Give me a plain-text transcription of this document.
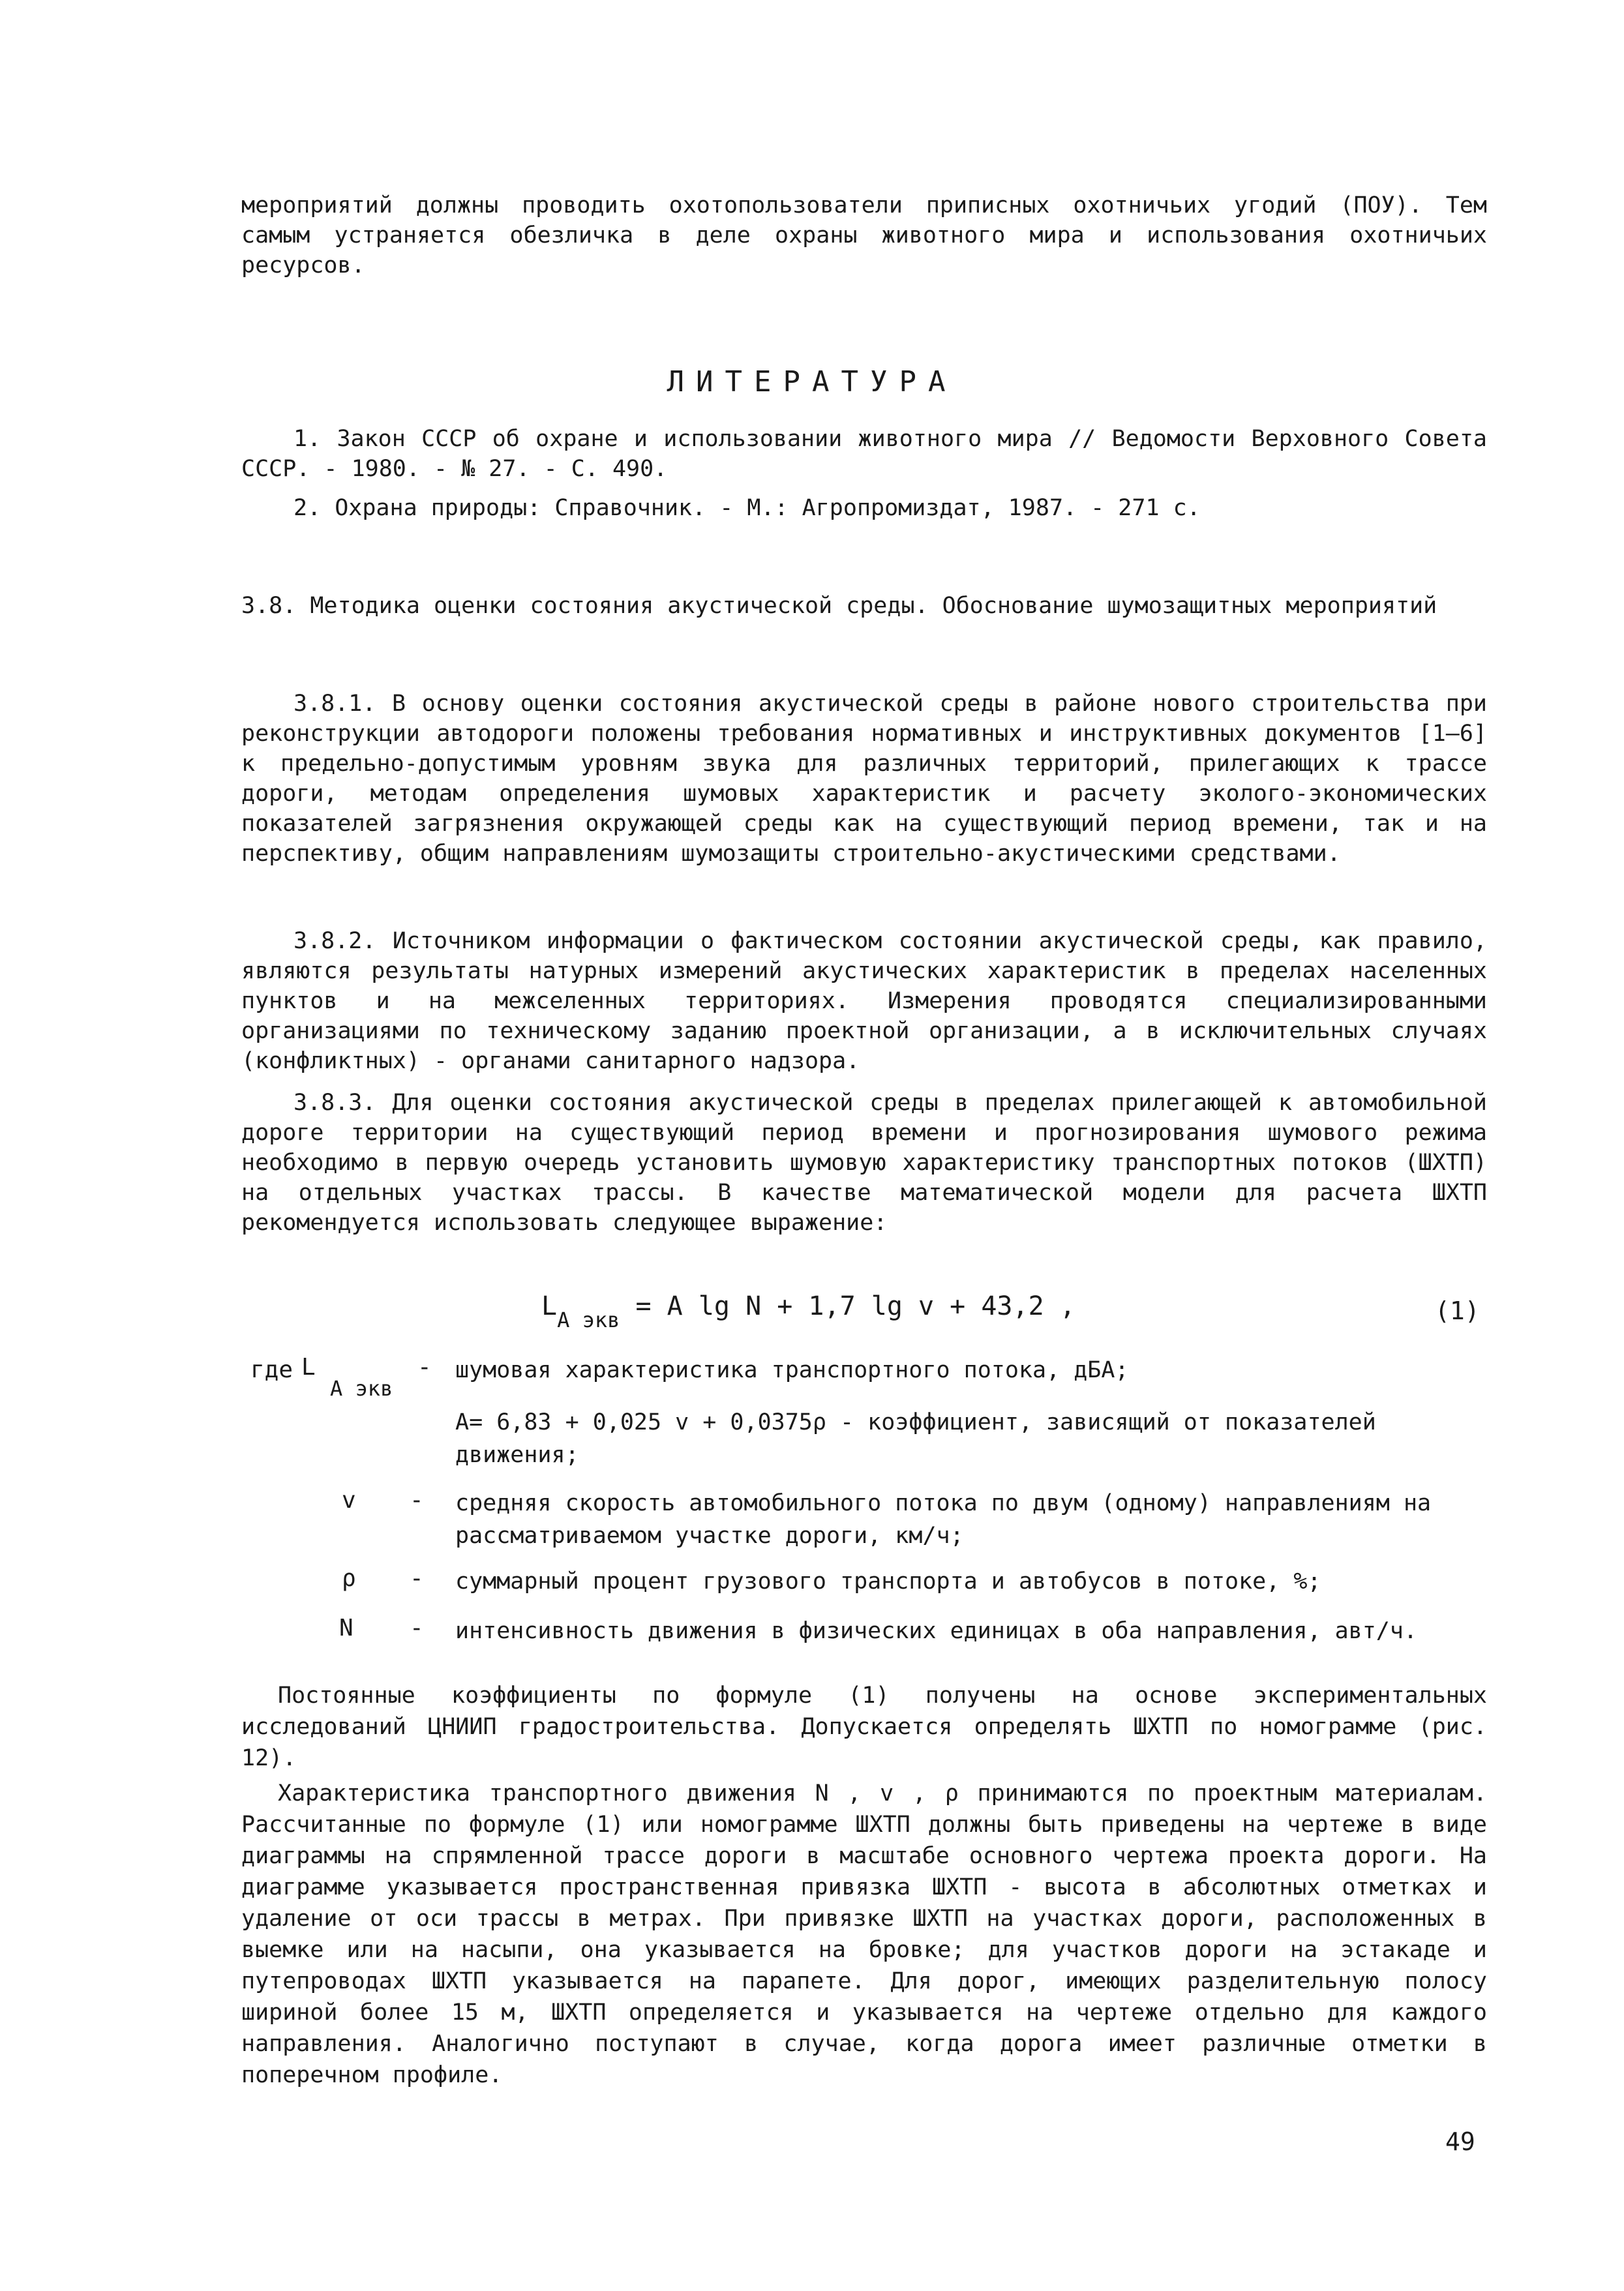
мероприятий должны проводить охотопользователи приписных охотничьих угодий (ПОУ). Тем самым устраняется обезличка в деле охраны животного мира и использования охотничьих ресурсов.
ЛИТЕРАТУРА
1. Закон СССР об охране и использовании животного мира // Ведомости Верховного Совета СССР. - 1980. - № 27. - С. 490.
2. Охрана природы: Справочник. - М.: Агропромиздат, 1987. - 271 с.
3.8. Методика оценки состояния акустической среды. Обоснование шумозащитных мероприятий
3.8.1. В основу оценки состояния акустической среды в районе нового строительства при реконструкции автодороги положены требования нормативных и инструктивных документов [1–6] к предельно-допустимым уровням звука для различных территорий, прилегающих к трассе дороги, методам определения шумовых характеристик и расчету эколого-экономических показателей загрязнения окружающей среды как на существующий период времени, так и на перспективу, общим направлениям шумозащиты строительно-акустическими средствами.
3.8.2. Источником информации о фактическом состоянии акустической среды, как правило, являются результаты натурных измерений акустических характеристик в пределах населенных пунктов и на межселенных территориях. Измерения проводятся специализированными организациями по техническому заданию проектной организации, а в исключительных случаях (конфликтных) - органами санитарного надзора.
3.8.3. Для оценки состояния акустической среды в пределах прилегающей к автомобильной дороге территории на существующий период времени и прогнозирования шумового режима необходимо в первую очередь установить шумовую характеристику транспортных потоков (ШХТП) на отдельных участках трассы. В качестве математической модели для расчета ШХТП рекомендуется использовать следующее выражение:
$L_{A экв} = A$ lg N + 1,7 lg v + 43,2 ,	(1)
где L
A экв
- шумовая характеристика транспортного потока, дБА;
A= 6,83 + 0,025 v + 0,0375ρ - коэффициент, зависящий от показателей движения;
v - средняя скорость автомобильного потока по двум (одному) направлениям на рассматриваемом участке дороги, км/ч;
ρ - суммарный процент грузового транспорта и автобусов в потоке, %;
N - интенсивность движения в физических единицах в оба направления, авт/ч.
Постоянные коэффициенты по формуле (1) получены на основе экспериментальных исследований ЦНИИП градостроительства. Допускается определять ШХТП по номограмме (рис. 12).
Характеристика транспортного движения N , v , ρ принимаются по проектным материалам. Рассчитанные по формуле (1) или номограмме ШХТП должны быть приведены на чертеже в виде диаграммы на спрямленной трассе дороги в масштабе основного чертежа проекта дороги. На диаграмме указывается пространственная привязка ШХТП - высота в абсолютных отметках и удаление от оси трассы в метрах. При привязке ШХТП на участках дороги, расположенных в выемке или на насыпи, она указывается на бровке; для участков дороги на эстакаде и путепроводах ШХТП указывается на парапете. Для дорог, имеющих разделительную полосу шириной более 15 м, ШХТП определяется и указывается на чертеже отдельно для каждого направления. Аналогично поступают в случае, когда дорога имеет различные отметки в поперечном профиле.
49
